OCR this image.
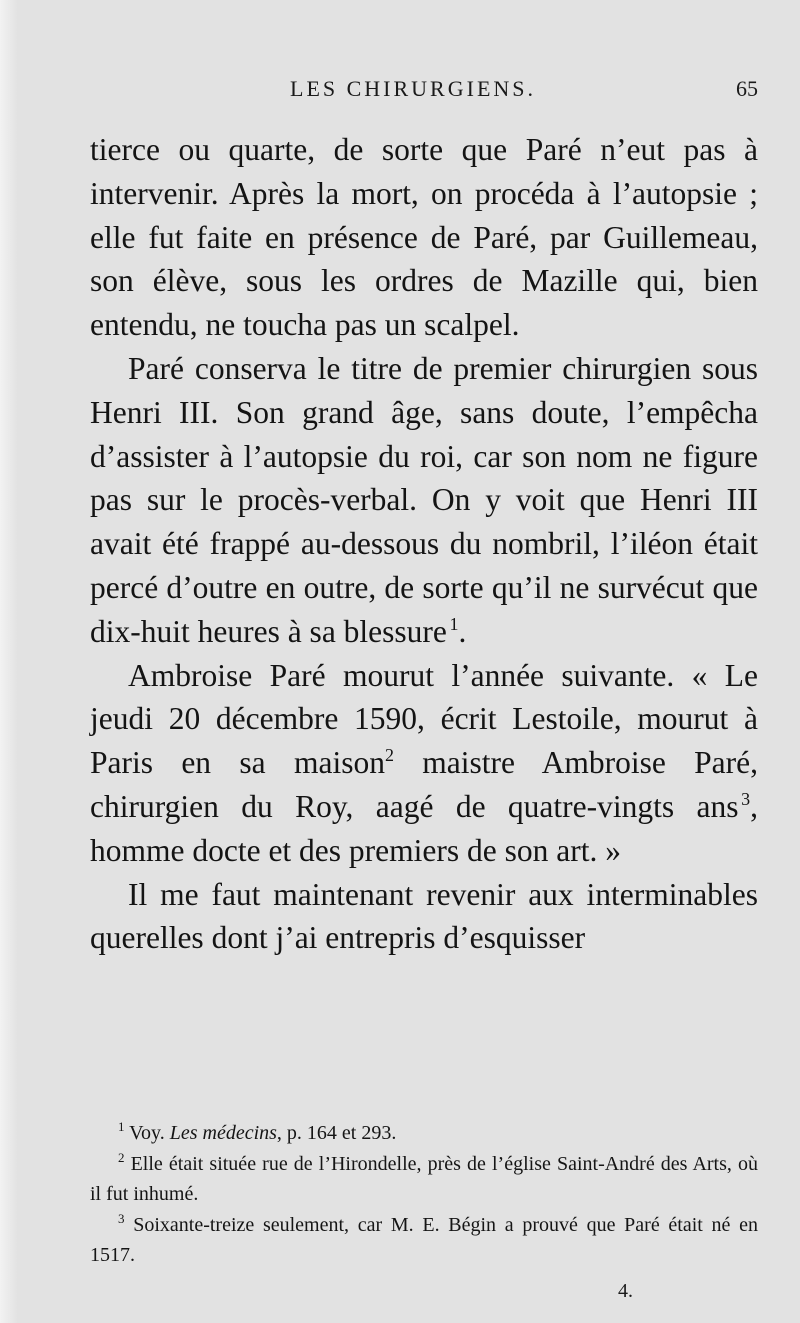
LES CHIRURGIENS.	65

tierce ou quarte, de sorte que Paré n’eut pas à intervenir. Après la mort, on procéda à l’autopsie ; elle fut faite en présence de Paré, par Guillemeau, son élève, sous les ordres de Mazille qui, bien entendu, ne toucha pas un scalpel.

Paré conserva le titre de premier chirurgien sous Henri III. Son grand âge, sans doute, l’empêcha d’assister à l’autopsie du roi, car son nom ne figure pas sur le procès-verbal. On y voit que Henri III avait été frappé au-dessous du nombril, l’iléon était percé d’outre en outre, de sorte qu’il ne survécut que dix-huit heures à sa blessure  $^1$.

Ambroise Paré mourut l’année suivante. « Le jeudi 20 décembre 1590, écrit Lestoile, mourut à Paris en sa maison$^2$ maistre Ambroise Paré, chirurgien du Roy, aagé de quatre-vingts ans  $^3$, homme docte et des premiers de son art. »

Il me faut maintenant revenir aux interminables querelles dont j’ai entrepris d’esquisser

$^1$ Voy. Les médecins, p. 164 et 293.

$^2$ Elle était située rue de l’Hirondelle, près de l’église Saint-André des Arts, où il fut inhumé.

$^3$ Soixante-treize seulement, car M. E. Bégin a prouvé que Paré était né en 1517.

4.
